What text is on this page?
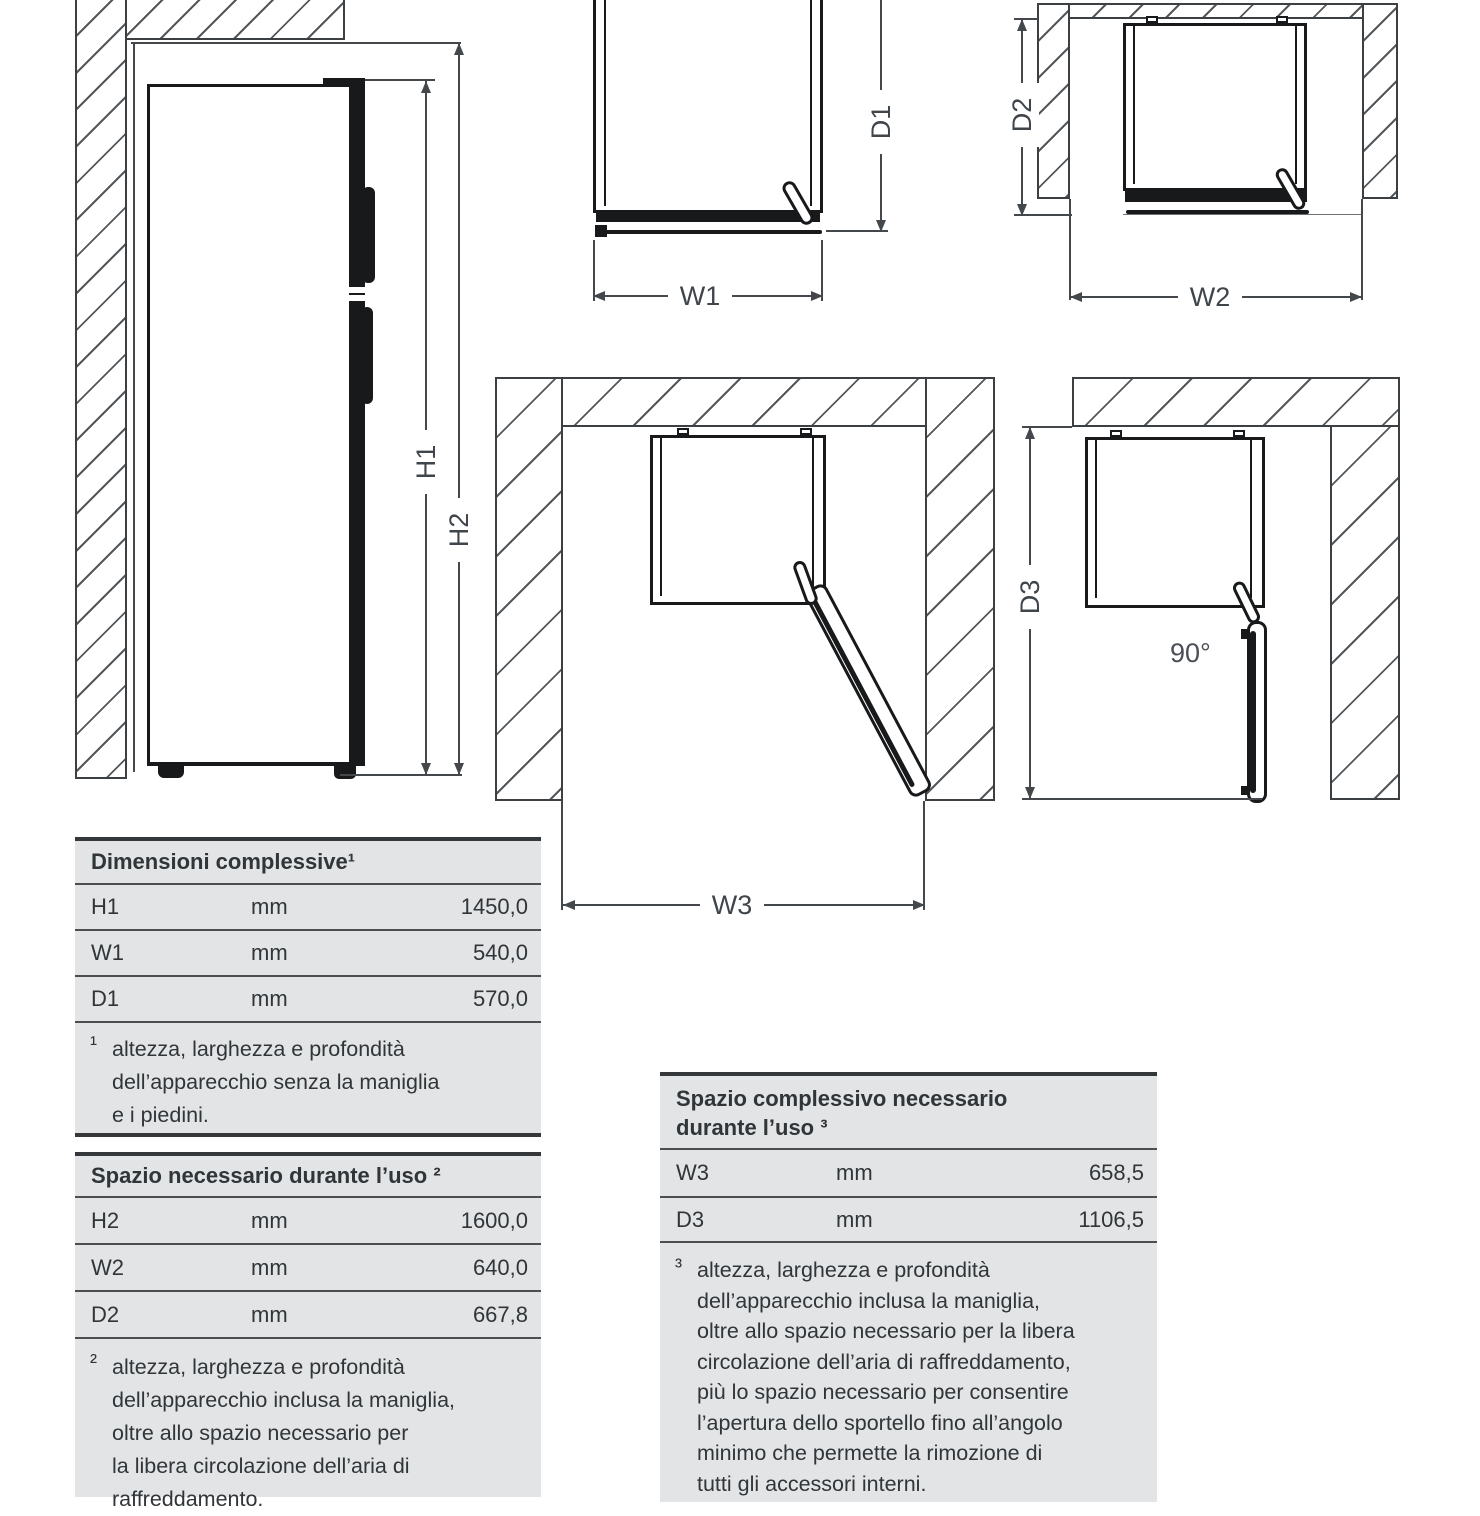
H1
H2
D1
W1
D2
W2
W3
D3
90°
Dimensioni complessive¹
H1	mm	1450,0
W1	mm	540,0
D1	mm	570,0
¹ altezza, larghezza e profondità
dell’apparecchio senza la maniglia
e i piedini.
Spazio necessario durante l’uso ²
H2	mm	1600,0
W2	mm	640,0
D2	mm	667,8
² altezza, larghezza e profondità
dell’apparecchio inclusa la maniglia,
oltre allo spazio necessario per
la libera circolazione dell’aria di
raffreddamento.
Spazio complessivo necessario
durante l’uso ³
W3	mm	658,5
D3	mm	1106,5
³ altezza, larghezza e profondità
dell’apparecchio inclusa la maniglia,
oltre allo spazio necessario per la libera
circolazione dell’aria di raffreddamento,
più lo spazio necessario per consentire
l’apertura dello sportello fino all’angolo
minimo che permette la rimozione di
tutti gli accessori interni.
